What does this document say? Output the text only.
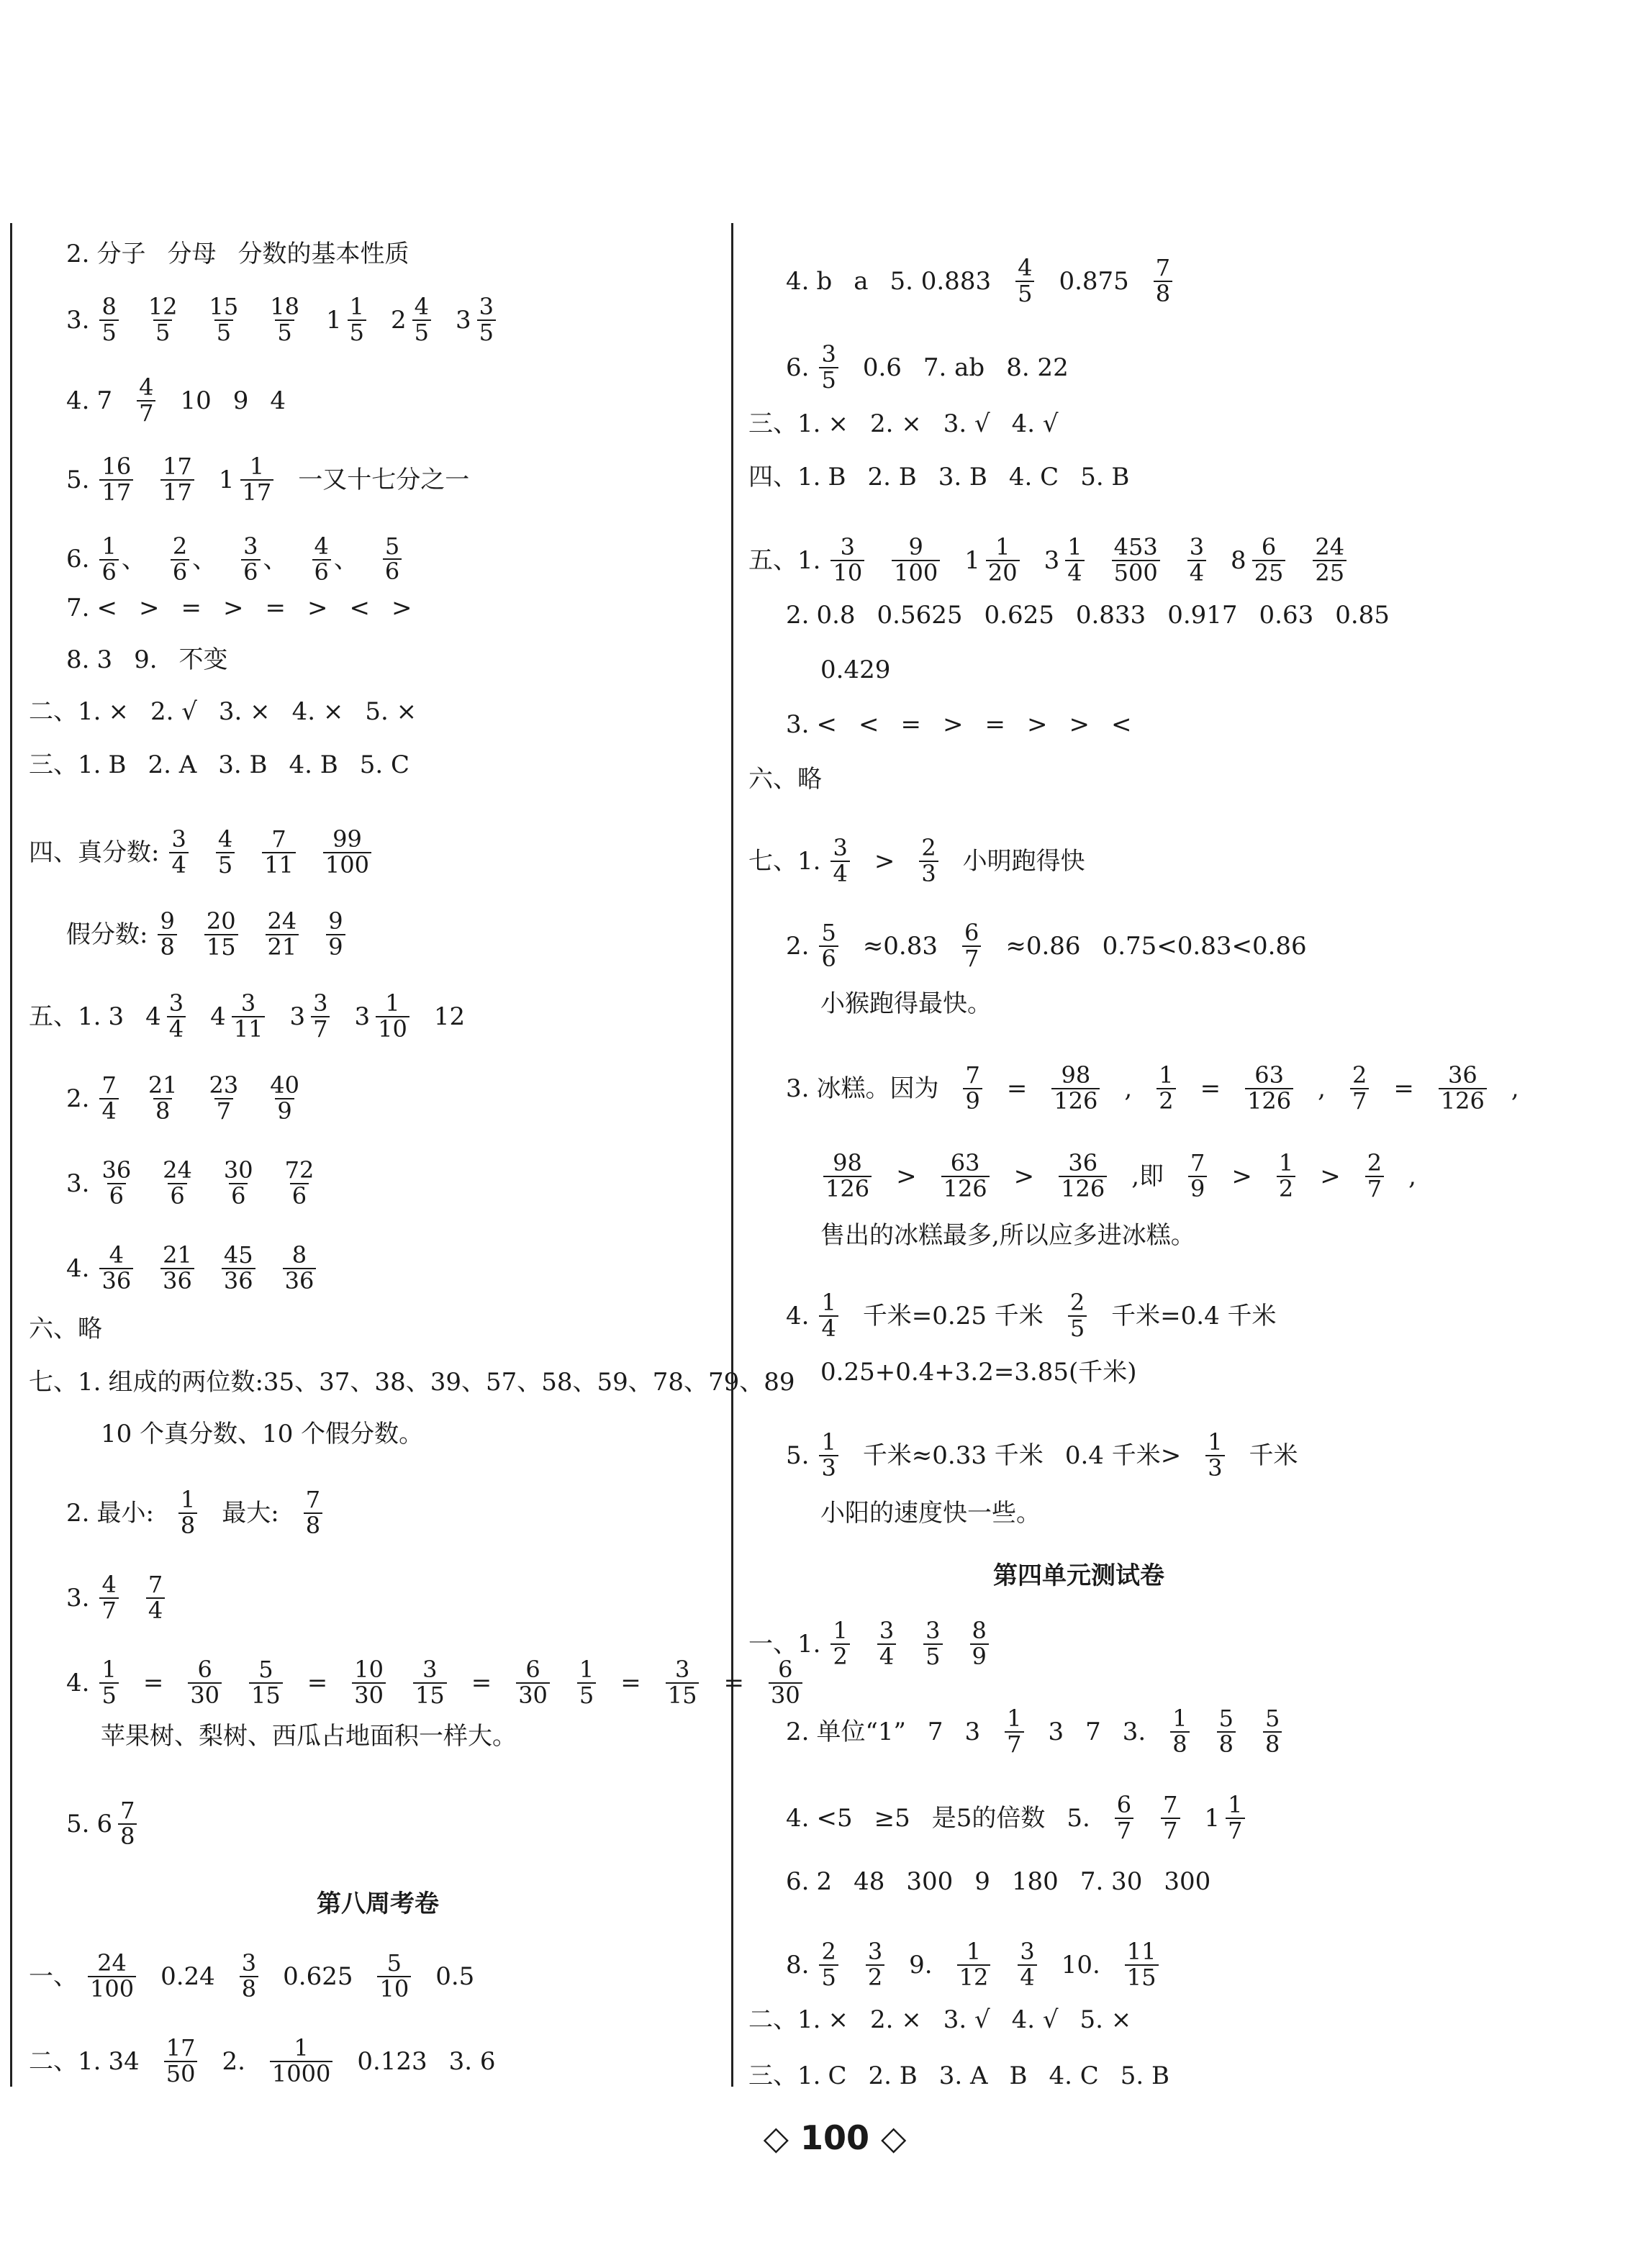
2. 分子 分母 分数的基本性质
3. $\frac{8}{5} \frac{12}{5} \frac{15}{5} \frac{18}{5} 1 \frac{1}{5} 2 \frac{4}{5} 3 \frac{3}{5}$
4. $7 \frac{4}{7} 10$ 9 4
5. $\frac{16}{17} \frac{17}{17} 1 \frac{1}{17}$ 一又十七分之一
6. $\frac{1}{6}$ 、 $\frac{2}{6}$ 、 $\frac{3}{6}$ 、 $\frac{4}{6}$ 、 $\frac{5}{6}$
7. < > = > = > < >
8. 3 9. 不变
二、1. × 2. √ 3. × 4. × 5. ×
三、1. B 2. A 3. B 4. B 5. C
四、真分数: $\frac{3}{4} \frac{4}{5} \frac{7}{11} \frac{99}{100}$
假分数: $\frac{9}{8} \frac{20}{15} \frac{24}{21} \frac{9}{9}$
五、1. 3 $4 \frac{3}{4} 4 \frac{3}{11} 3 \frac{3}{7} 3 \frac{1}{10} 12$
2. $\frac{7}{4} \frac{21}{8} \frac{23}{7} \frac{40}{9}$
3. $\frac{36}{6} \frac{24}{6} \frac{30}{6} \frac{72}{6}$
4. $\frac{4}{36} \frac{21}{36} \frac{45}{36} \frac{8}{36}$
六、略
七、1. 组成的两位数:35、37、38、39、57、58、59、78、79、89
10 个真分数、10 个假分数。
2. 最小: $\frac{1}{8}$ 最大: $\frac{7}{8}$
3. $\frac{4}{7} \frac{7}{4}$
4. $\frac{1}{5} = \frac{6}{30} \frac{5}{15} = \frac{10}{30} \frac{3}{15} = \frac{6}{30} \frac{1}{5} = \frac{3}{15} = \frac{6}{30}$
苹果树、梨树、西瓜占地面积一样大。
5. $6 \frac{7}{8}$
第八周考卷
一、 $\frac{24}{100} 0.24 \frac{3}{8} 0.625 \frac{5}{10} 0.5$
二、1. $34 \frac{17}{50} 2$. $\frac{1}{1000} 0.123$ 3. 6
4. b a 5. $0.883 \frac{4}{5} 0.875 \frac{7}{8}$
6. $\frac{3}{5} 0.6$ 7. ab 8. 22
三、1. × 2. × 3. √ 4. √
四、1. B 2. B 3. B 4. C 5. B
五、1. $\frac{3}{10} \frac{9}{100} 1 \frac{1}{20} 3 \frac{1}{4} \frac{453}{500} \frac{3}{4} 8 \frac{6}{25} \frac{24}{25}$
2. 0.8 0.5625 0.625 0.833 0.917 0.63 0.85
0.429
3. < < = > = > > <
六、略
七、1. $\frac{3}{4} > \frac{2}{3}$ 小明跑得快
2. $\frac{5}{6} \approx 0.83 \frac{6}{7} \approx 0.86$ 0.75<0.83<0.86
小猴跑得最快。
3. 冰糕。因为 $\frac{7}{9} = \frac{98}{126}$ , $\frac{1}{2} = \frac{63}{126}$ , $\frac{2}{7} = \frac{36}{126}$ ,
$\frac{98}{126} > \frac{63}{126} > \frac{36}{126}$ ,即 $\frac{7}{9} > \frac{1}{2} > \frac{2}{7}$ ,
售出的冰糕最多,所以应多进冰糕。
4. $\frac{1}{4}$ 千米=0.25 千米 $\frac{2}{5}$ 千米=0.4 千米
0.25+0.4+3.2=3.85(千米)
5. $\frac{1}{3}$ 千米≈0.33 千米 0.4 千米> $\frac{1}{3}$ 千米
小阳的速度快一些。
第四单元测试卷
一、1. $\frac{1}{2} \frac{3}{4} \frac{3}{5} \frac{8}{9}$
2. 单位“1” 7 $3 \frac{1}{7} 3$ 7 3. $\frac{1}{8} \frac{5}{8} \frac{5}{8}$
4. <5 ≥5 是5的倍数 5. $\frac{6}{7} \frac{7}{7} 1 \frac{1}{7}$
6. 2 48 300 9 180 7. 30 300
8. $\frac{2}{5} \frac{3}{2} 9$. $\frac{1}{12} \frac{3}{4} 10$. $\frac{11}{15}$
二、1. × 2. × 3. √ 4. √ 5. ×
三、1. C 2. B 3. A B 4. C 5. B
◇ 100 ◇
